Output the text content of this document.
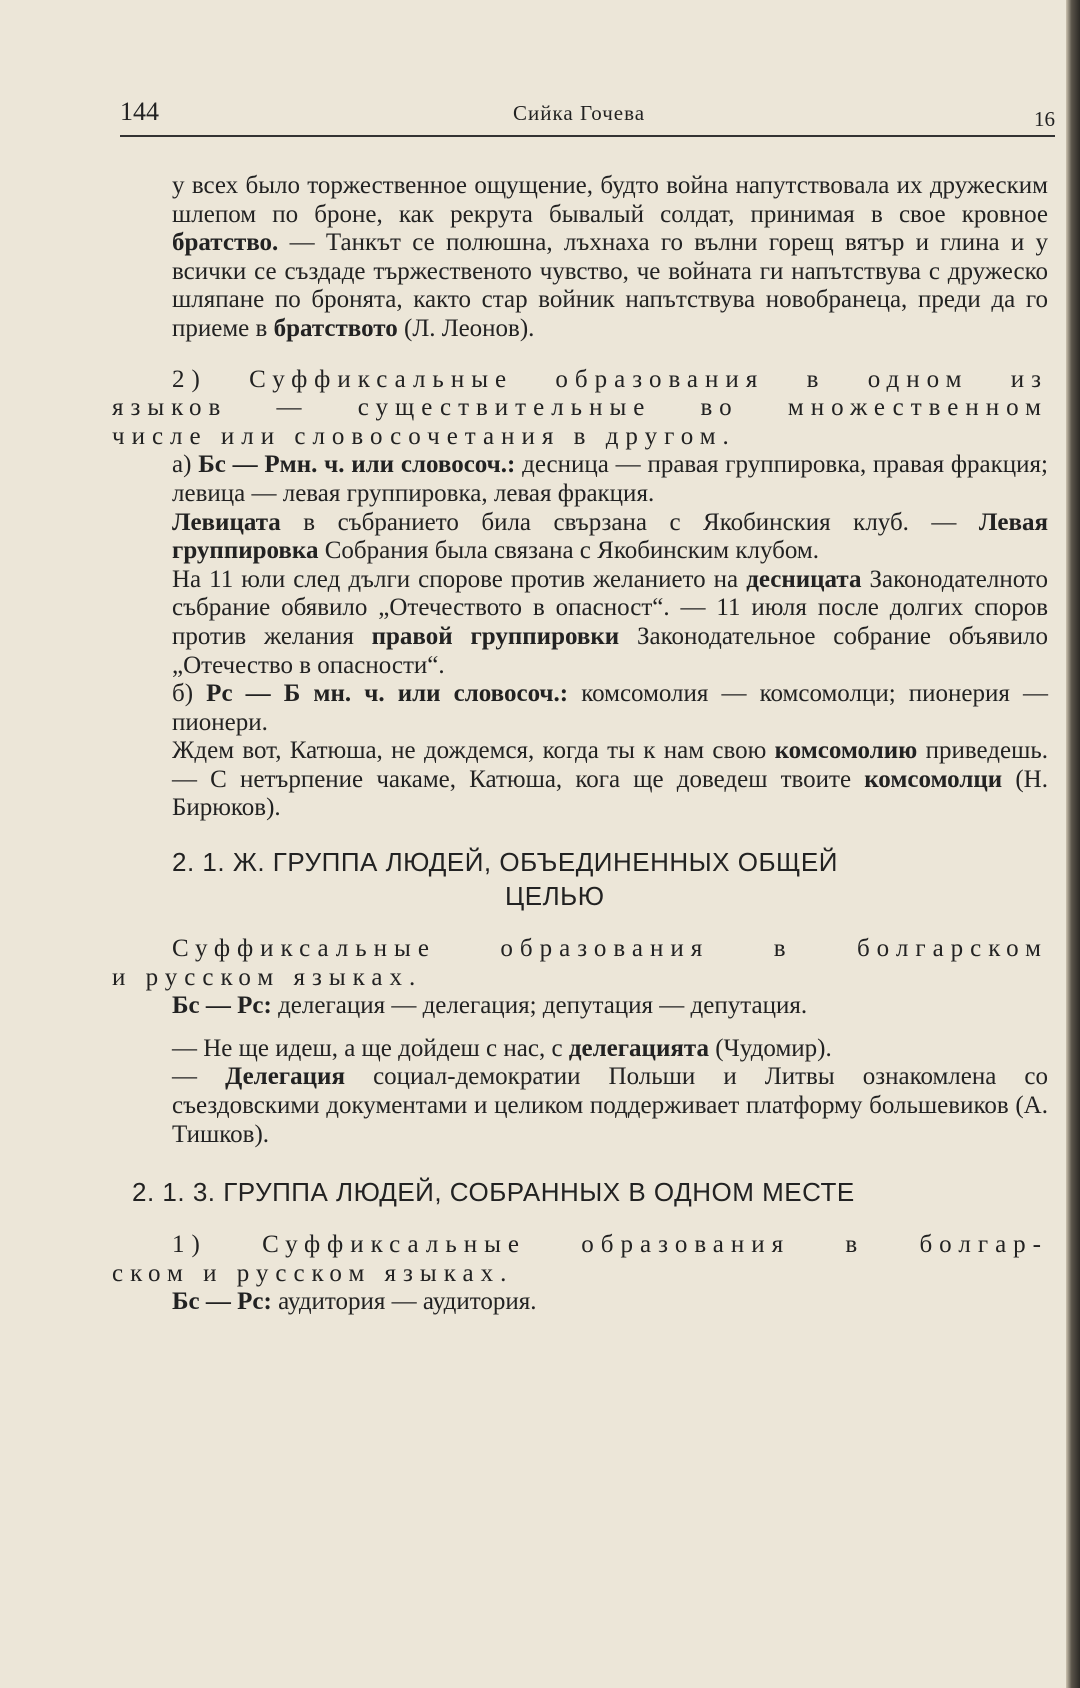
144	Сийка Гочева	16

у всех было торжественное ощущение, будто война напутствовала их дружеским шлепом по броне, как рекрута бывалый солдат, принимая в свое кровное братство. — Танкът се полюшна, лъхнаха го вълни горещ вятър и глина и у всички се създаде тържественото чувство, че войната ги напътствува с дружеско шляпане по бронята, както стар войник напътствува новобранеца, преди да го приеме в братството (Л. Леонов).

2) Суффиксальные образования в одном из

языков — существительные во множественном

числе или словосочетания в другом.

а) Бс — Рмн. ч. или словосоч.: десница — правая группировка, правая фракция; левица — левая группировка, левая фракция.

Левицата в събранието била свързана с Якобинския клуб. — Левая группировка Собрания была связана с Якобинским клубом.

На 11 юли след дълги спорове против желанието на десницата Законодателното събрание обявило „Отечеството в опасност“. — 11 июля после долгих споров против желания правой группировки Законодательное собрание объявило „Отечество в опасности“.

б) Рс — Б мн. ч. или словосоч.: комсомолия — комсомолци; пионерия — пионери.

Ждем вот, Катюша, не дождемся, когда ты к нам свою комсомолию приведешь. — С нетърпение чакаме, Катюша, кога ще доведеш твоите комсомолци (Н. Бирюков).

2. 1. Ж. ГРУППА ЛЮДЕЙ, ОБЪЕДИНЕННЫХ ОБЩЕЙ
ЦЕЛЬЮ

Суффиксальные образования в болгарском

и русском языках.

Бс — Рс: делегация — делегация; депутация — депутация.

— Не ще идеш, а ще дойдеш с нас, с делегацията (Чудомир).

— Делегация социал-демократии Польши и Литвы ознакомлена со съездовскими документами и целиком поддерживает платформу большевиков (А. Тишков).

2. 1. 3. ГРУППА ЛЮДЕЙ, СОБРАННЫХ В ОДНОМ МЕСТЕ

1) Суффиксальные образования в болгар-

ском и русском языках.

Бс — Рс: аудитория — аудитория.
